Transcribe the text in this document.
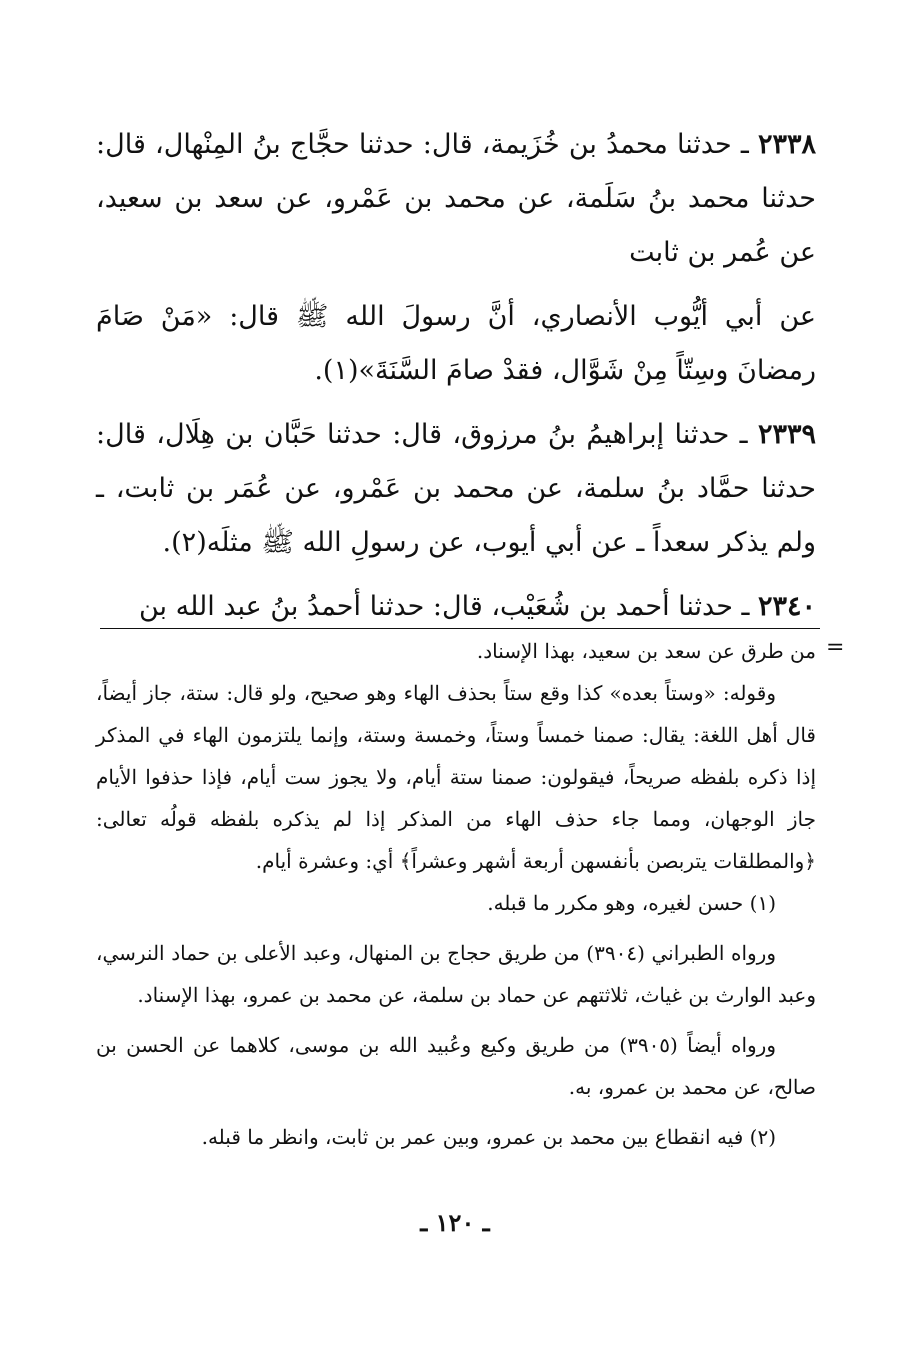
٢٣٣٨ ـ حدثنا محمدُ بن خُزَيمة، قال: حدثنا حجَّاج بنُ المِنْهال، قال: حدثنا محمد بنُ سَلَمة، عن محمد بن عَمْرو، عن سعد بن سعيد، عن عُمر بن ثابت

عن أبي أيُّوب الأنصاري، أنَّ رسولَ الله ﷺ قال: «مَنْ صَامَ رمضانَ وسِتّاً مِنْ شَوَّال، فقدْ صامَ السَّنَةَ»(١).

٢٣٣٩ ـ حدثنا إبراهيمُ بنُ مرزوق، قال: حدثنا حَبَّان بن هِلَال، قال: حدثنا حمَّاد بنُ سلمة، عن محمد بن عَمْرو، عن عُمَر بن ثابت، ـ ولم يذكر سعداً ـ عن أبي أيوب، عن رسولِ الله ﷺ مثلَه(٢).

٢٣٤٠ ـ حدثنا أحمد بن شُعَيْب، قال: حدثنا أحمدُ بنُ عبد الله بن

=

من طرق عن سعد بن سعيد، بهذا الإسناد.

وقوله: «وستاً بعده» كذا وقع ستاً بحذف الهاء وهو صحيح، ولو قال: ستة، جاز أيضاً، قال أهل اللغة: يقال: صمنا خمساً وستاً، وخمسة وستة، وإنما يلتزمون الهاء في المذكر إذا ذكره بلفظه صريحاً، فيقولون: صمنا ستة أيام، ولا يجوز ست أيام، فإذا حذفوا الأيام جاز الوجهان، ومما جاء حذف الهاء من المذكر إذا لم يذكره بلفظه قولُه تعالى: ﴿والمطلقات يتربصن بأنفسهن أربعة أشهر وعشراً﴾ أي: وعشرة أيام.

(١) حسن لغيره، وهو مكرر ما قبله.

ورواه الطبراني (٣٩٠٤) من طريق حجاج بن المنهال، وعبد الأعلى بن حماد النرسي، وعبد الوارث بن غياث، ثلاثتهم عن حماد بن سلمة، عن محمد بن عمرو، بهذا الإسناد.

ورواه أيضاً (٣٩٠٥) من طريق وكيع وعُبيد الله بن موسى، كلاهما عن الحسن بن صالح، عن محمد بن عمرو، به.

(٢) فيه انقطاع بين محمد بن عمرو، وبين عمر بن ثابت، وانظر ما قبله.

ـ ١٢٠ ـ
